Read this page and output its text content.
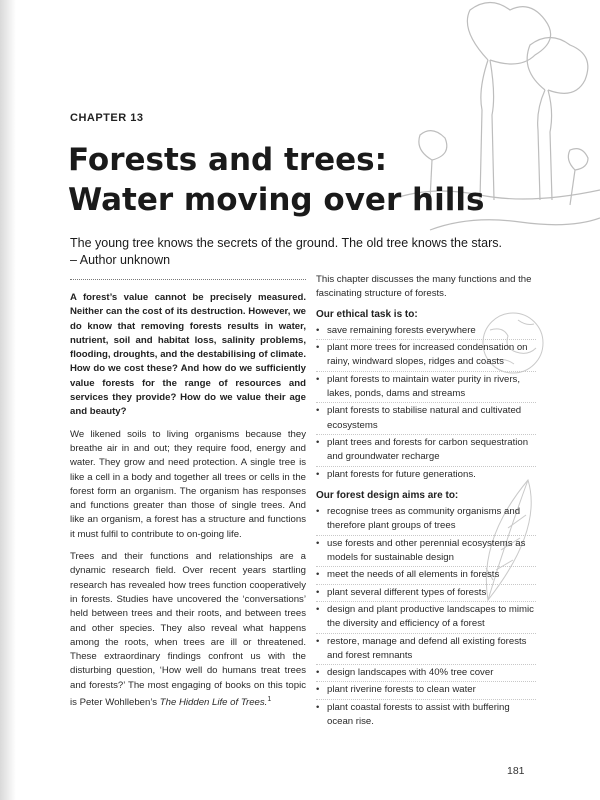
CHAPTER 13
Forests and trees:
Water moving over hills
The young tree knows the secrets of the ground. The old tree knows the stars.
– Author unknown

A forest’s value cannot be precisely measured. Neither can the cost of its destruction. However, we do know that removing forests results in water, nutrient, soil and habitat loss, salinity problems, flooding, droughts, and the destabilising of climate. How do we cost these? And how do we sufficiently value forests for the range of resources and services they provide? How do we value their age and beauty?

We likened soils to living organisms because they breathe air in and out; they require food, energy and water. They grow and need protection. A single tree is like a cell in a body and together all trees or cells in the forest form an organism. The organism has responses and functions greater than those of single trees. And like an organism, a forest has a structure and functions it must fulfil to contribute to on-going life.

Trees and their functions and relationships are a dynamic research field. Over recent years startling research has revealed how trees function cooperatively in forests. Studies have uncovered the ‘conversations’ held between trees and their roots, and between trees and other species. They also reveal what happens among the roots, when trees are ill or threatened. These extraordinary findings confront us with the disturbing question, ‘How well do humans treat trees and forests?’ The most engaging of books on this topic is Peter Wohlleben’s The Hidden Life of Trees.$^1$

This chapter discusses the many functions and the fascinating structure of forests.

Our ethical task is to:
• save remaining forests everywhere
• plant more trees for increased condensation on rainy, windward slopes, ridges and coasts
• plant forests to maintain water purity in rivers, lakes, ponds, dams and streams
• plant forests to stabilise natural and cultivated ecosystems
• plant trees and forests for carbon sequestration and groundwater recharge
• plant forests for future generations.
Our forest design aims are to:
• recognise trees as community organisms and therefore plant groups of trees
• use forests and other perennial ecosystems as models for sustainable design
• meet the needs of all elements in forests
• plant several different types of forests
• design and plant productive landscapes to mimic the diversity and efficiency of a forest
• restore, manage and defend all existing forests and forest remnants
• design landscapes with 40% tree cover
• plant riverine forests to clean water
• plant coastal forests to assist with buffering ocean rise.
181
